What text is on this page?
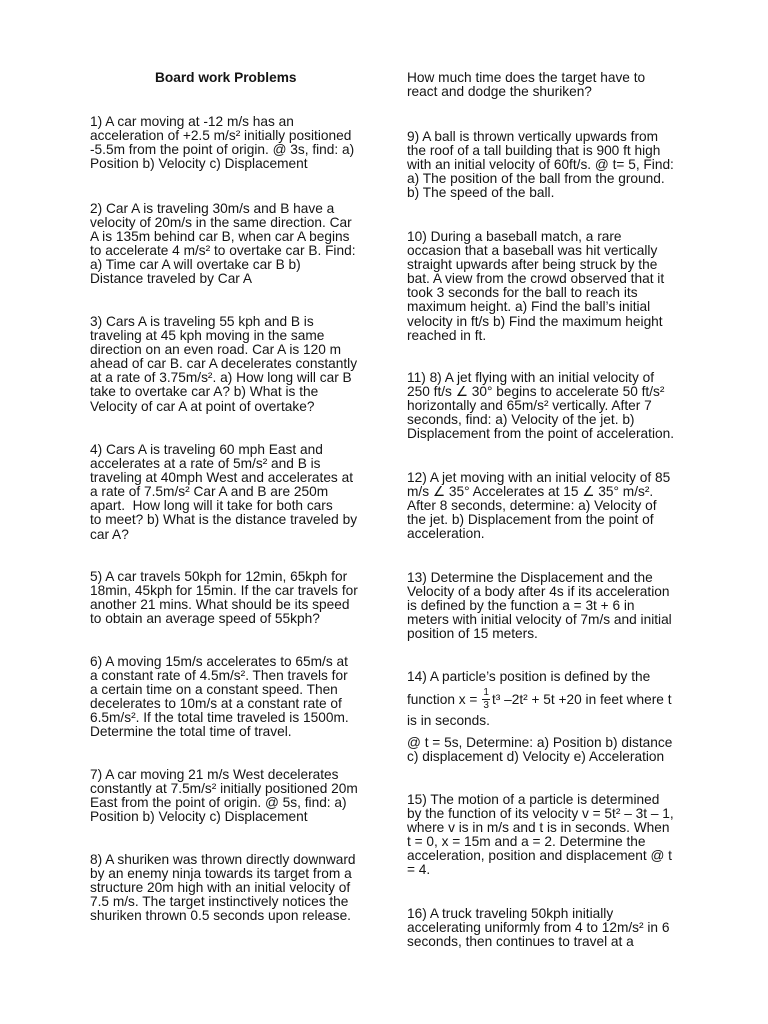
Board work Problems
1) A car moving at -12 m/s has an
acceleration of +2.5 m/s² initially positioned
-5.5m from the point of origin. @ 3s, find: a)
Position b) Velocity c) Displacement
2) Car A is traveling 30m/s and B have a
velocity of 20m/s in the same direction. Car
A is 135m behind car B, when car A begins
to accelerate 4 m/s² to overtake car B. Find:
a) Time car A will overtake car B b)
Distance traveled by Car A
3) Cars A is traveling 55 kph and B is
traveling at 45 kph moving in the same
direction on an even road. Car A is 120 m
ahead of car B. car A decelerates constantly
at a rate of 3.75m/s². a) How long will car B
take to overtake car A? b) What is the
Velocity of car A at point of overtake?
4) Cars A is traveling 60 mph East and
accelerates at a rate of 5m/s² and B is
traveling at 40mph West and accelerates at
a rate of 7.5m/s² Car A and B are 250m
apart.  How long will it take for both cars
to meet? b) What is the distance traveled by
car A?
5) A car travels 50kph for 12min, 65kph for
18min, 45kph for 15min. If the car travels for
another 21 mins. What should be its speed
to obtain an average speed of 55kph?
6) A moving 15m/s accelerates to 65m/s at
a constant rate of 4.5m/s². Then travels for
a certain time on a constant speed. Then
decelerates to 10m/s at a constant rate of
6.5m/s². If the total time traveled is 1500m.
Determine the total time of travel.
7) A car moving 21 m/s West decelerates
constantly at 7.5m/s² initially positioned 20m
East from the point of origin. @ 5s, find: a)
Position b) Velocity c) Displacement
8) A shuriken was thrown directly downward
by an enemy ninja towards its target from a
structure 20m high with an initial velocity of
7.5 m/s. The target instinctively notices the
shuriken thrown 0.5 seconds upon release.
How much time does the target have to
react and dodge the shuriken?
9) A ball is thrown vertically upwards from
the roof of a tall building that is 900 ft high
with an initial velocity of 60ft/s. @ t= 5, Find:
a) The position of the ball from the ground.
b) The speed of the ball.
10) During a baseball match, a rare
occasion that a baseball was hit vertically
straight upwards after being struck by the
bat. A view from the crowd observed that it
took 3 seconds for the ball to reach its
maximum height. a) Find the ball’s initial
velocity in ft/s b) Find the maximum height
reached in ft.
11) 8) A jet flying with an initial velocity of
250 ft/s ∠ 30° begins to accelerate 50 ft/s²
horizontally and 65m/s² vertically. After 7
seconds, find: a) Velocity of the jet. b)
Displacement from the point of acceleration.
12) A jet moving with an initial velocity of 85
m/s ∠ 35° Accelerates at 15 ∠ 35° m/s².
After 8 seconds, determine: a) Velocity of
the jet. b) Displacement from the point of
acceleration.
13) Determine the Displacement and the
Velocity of a body after 4s if its acceleration
is defined by the function a = 3t + 6 in
meters with initial velocity of 7m/s and initial
position of 15 meters.
14) A particle’s position is defined by the
function $x = \frac{1}{3} t^3$ –2t² + 5t +20 in feet where t
is in seconds.
@ t = 5s, Determine: a) Position b) distance
c) displacement d) Velocity e) Acceleration
15) The motion of a particle is determined
by the function of its velocity v = 5t² – 3t – 1,
where v is in m/s and t is in seconds. When
t = 0, x = 15m and a = 2. Determine the
acceleration, position and displacement @ t
= 4.
16) A truck traveling 50kph initially
accelerating uniformly from 4 to 12m/s² in 6
seconds, then continues to travel at a
